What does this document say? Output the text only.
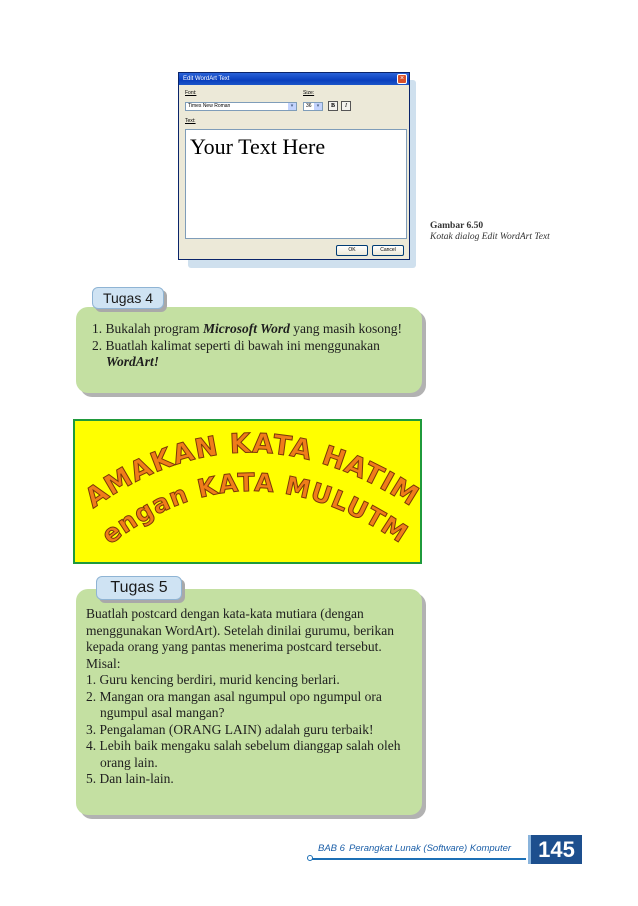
Edit WordArt Text	×
Font:
Times New Roman	▾
Size:
36	▾	B	I
Text:
Your Text Here
OK	Cancel
Gambar 6.50
Kotak dialog Edit WordArt Text
Tugas 4
1. Bukalah program Microsoft Word yang masih kosong!
2. Buatlah kalimat seperti di bawah ini menggunakan WordArt!
AMAKAN KATA HATI
engan KATA MULUTM
Tugas 5
Buatlah postcard dengan kata-kata mutiara (dengan menggunakan WordArt). Setelah dinilai gurumu, berikan kepada orang yang pantas menerima postcard tersebut.
Misal:
1. Guru kencing berdiri, murid kencing berlari.
2. Mangan ora mangan asal ngumpul opo ngumpul ora ngumpul asal mangan?
3. Pengalaman (ORANG LAIN) adalah guru terbaik!
4. Lebih baik mengaku salah sebelum dianggap salah oleh orang lain.
5. Dan lain-lain.
BAB 6 Perangkat Lunak (Software) Komputer	145
